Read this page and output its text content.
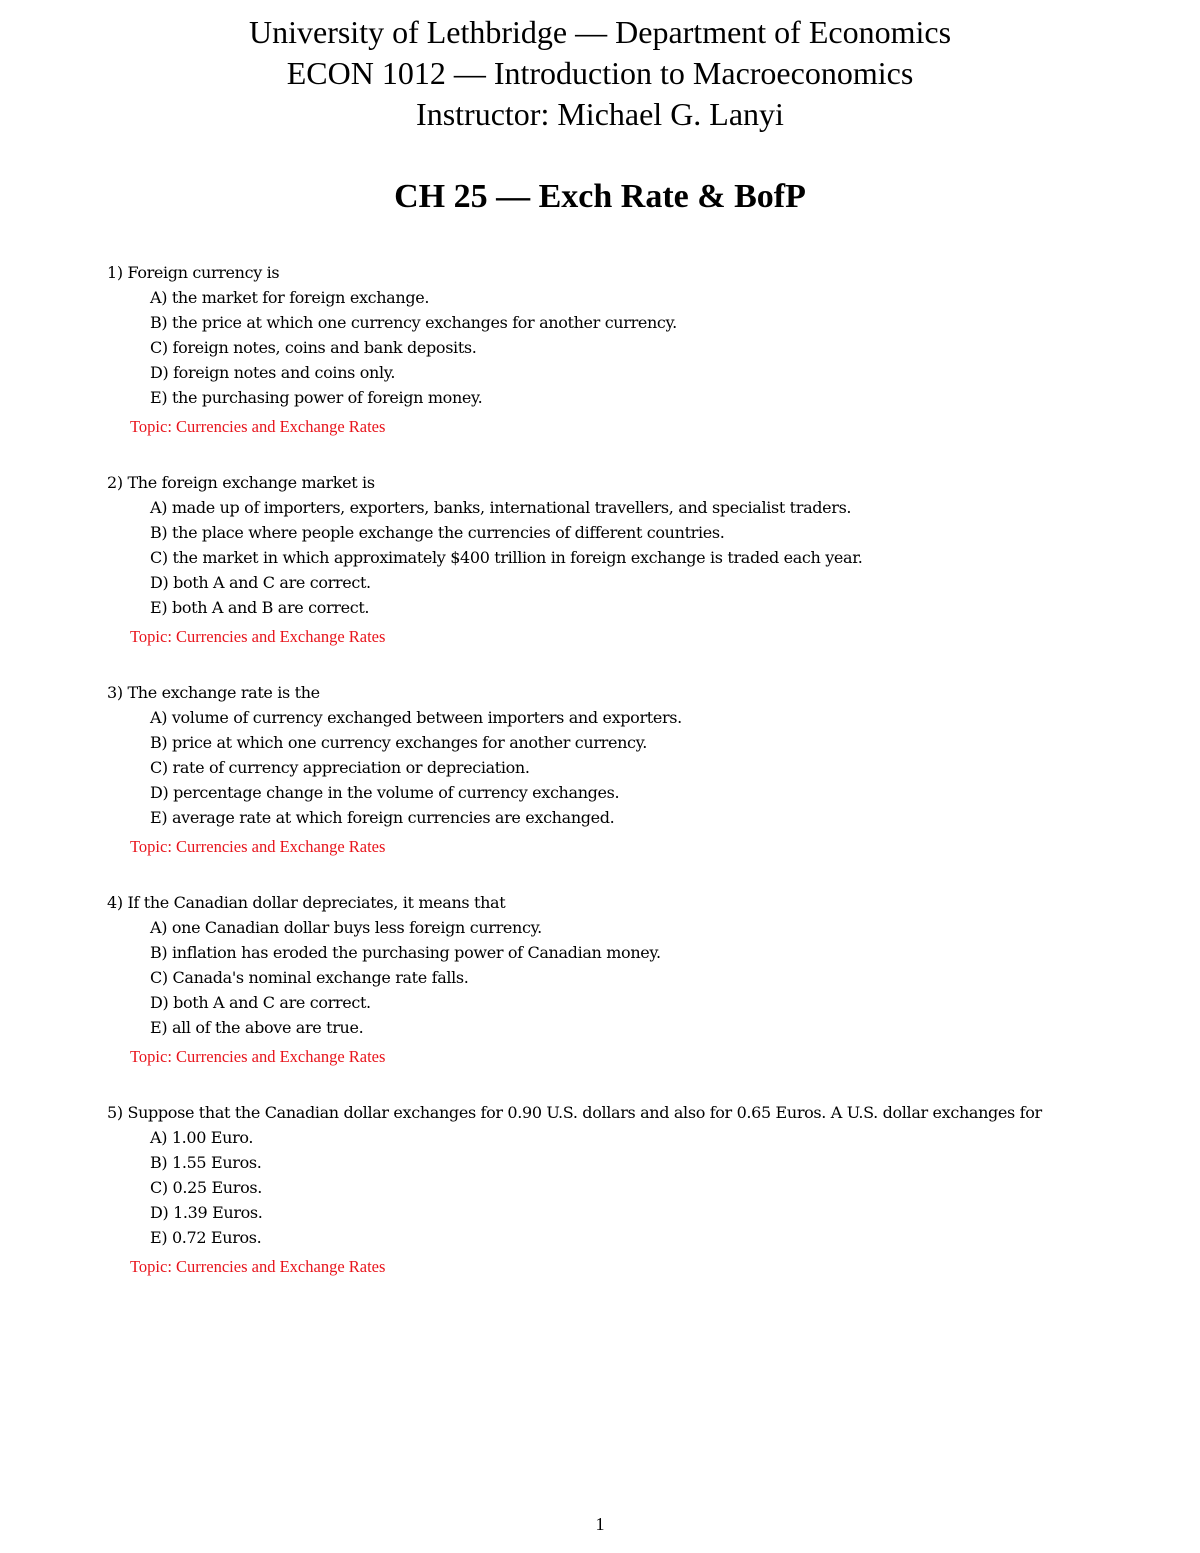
University of Lethbridge — Department of Economics
ECON 1012 — Introduction to Macroeconomics
Instructor: Michael G. Lanyi
CH 25 — Exch Rate & BofP
1) Foreign currency is
A) the market for foreign exchange.
B) the price at which one currency exchanges for another currency.
C) foreign notes, coins and bank deposits.
D) foreign notes and coins only.
E) the purchasing power of foreign money.
Topic: Currencies and Exchange Rates
2) The foreign exchange market is
A) made up of importers, exporters, banks, international travellers, and specialist traders.
B) the place where people exchange the currencies of different countries.
C) the market in which approximately $400 trillion in foreign exchange is traded each year.
D) both A and C are correct.
E) both A and B are correct.
Topic: Currencies and Exchange Rates
3) The exchange rate is the
A) volume of currency exchanged between importers and exporters.
B) price at which one currency exchanges for another currency.
C) rate of currency appreciation or depreciation.
D) percentage change in the volume of currency exchanges.
E) average rate at which foreign currencies are exchanged.
Topic: Currencies and Exchange Rates
4) If the Canadian dollar depreciates, it means that
A) one Canadian dollar buys less foreign currency.
B) inflation has eroded the purchasing power of Canadian money.
C) Canada's nominal exchange rate falls.
D) both A and C are correct.
E) all of the above are true.
Topic: Currencies and Exchange Rates
5) Suppose that the Canadian dollar exchanges for 0.90 U.S. dollars and also for 0.65 Euros. A U.S. dollar exchanges for
A) 1.00 Euro.
B) 1.55 Euros.
C) 0.25 Euros.
D) 1.39 Euros.
E) 0.72 Euros.
Topic: Currencies and Exchange Rates
1
